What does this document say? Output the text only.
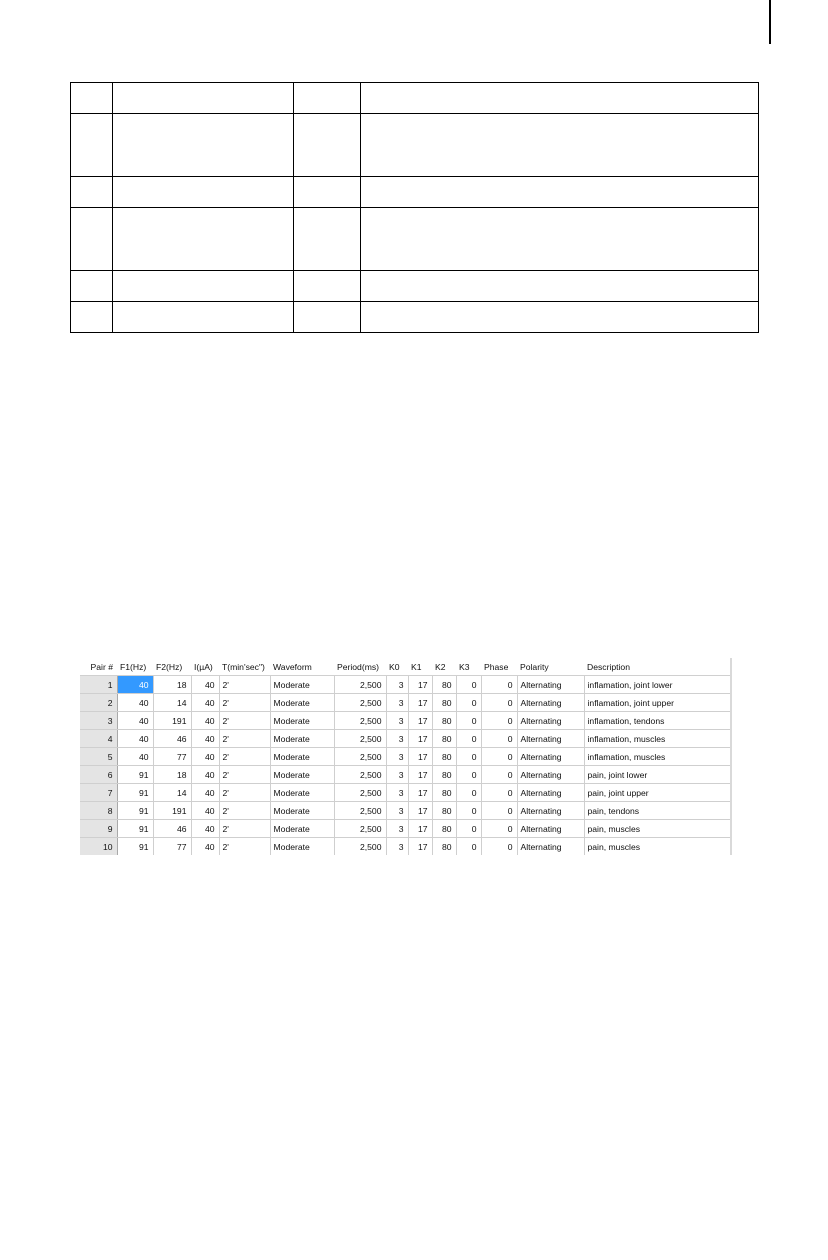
Pair #	F1(Hz)	F2(Hz)	I(µA)	T(min'sec")	Waveform	Period(ms)	K0	K1	K2	K3	Phase	Polarity	Description
1	40	18	40	2'	Moderate	2,500	3	17	80	0	0	Alternating	inflamation, joint lower
2	40	14	40	2'	Moderate	2,500	3	17	80	0	0	Alternating	inflamation, joint upper
3	40	191	40	2'	Moderate	2,500	3	17	80	0	0	Alternating	inflamation, tendons
4	40	46	40	2'	Moderate	2,500	3	17	80	0	0	Alternating	inflamation, muscles
5	40	77	40	2'	Moderate	2,500	3	17	80	0	0	Alternating	inflamation, muscles
6	91	18	40	2'	Moderate	2,500	3	17	80	0	0	Alternating	pain, joint lower
7	91	14	40	2'	Moderate	2,500	3	17	80	0	0	Alternating	pain, joint upper
8	91	191	40	2'	Moderate	2,500	3	17	80	0	0	Alternating	pain, tendons
9	91	46	40	2'	Moderate	2,500	3	17	80	0	0	Alternating	pain, muscles
10	91	77	40	2'	Moderate	2,500	3	17	80	0	0	Alternating	pain, muscles
